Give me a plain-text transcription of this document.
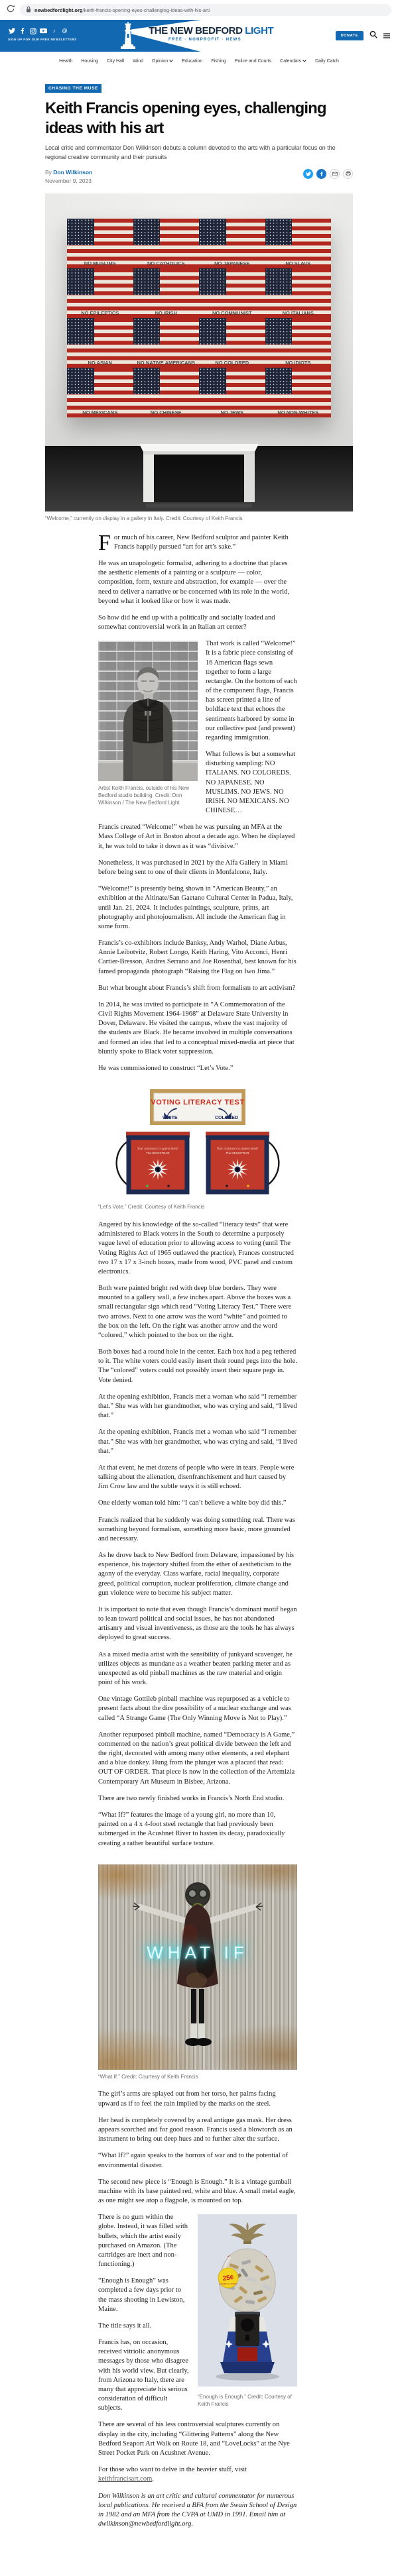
newbedfordlight.org/keith-francis-opening-eyes-challenging-ideas-with-his-art/
THE NEW BEDFORD LIGHT
FREE · NONPROFIT · NEWS
♪	@
SIGN UP FOR OUR FREE NEWSLETTERS
DONATE
Health Housing City Hall Wind Opinion	Education Fishing Police and Courts Calendars	Daily Catch
CHASING THE MUSE
Keith Francis opening eyes, challenging ideas with his art
Local critic and commentator Don Wilkinson debuts a column devoted to the arts with a particular focus on the regional creative community and their pursuits
By Don Wilkinson
November 9, 2023
NO MUSLIMS	NO CATHOLICS	NO JAPANESE	NO SLAVS
NO EPILEPTICS	NO IRISH	NO COMMUNIST	NO ITALIANS
NO ASIAN	NO NATIVE AMERICANS	NO COLORED	NO IDIOTS
NO MEXICANS	NO CHINESE	NO JEWS	NO NON-WHITES
“Welcome,” currently on display in a gallery in Italy. Credit: Courtesy of Keith Francis

For much of his career, New Bedford sculptor and painter Keith Francis happily pursued “art for art’s sake.”

He was an unapologetic formalist, adhering to a doctrine that places the aesthetic elements of a painting or a sculpture — color, composition, form, texture and abstraction, for example — over the need to deliver a narrative or be concerned with its role in the world, beyond what it looked like or how it was made.

So how did he end up with a politically and socially loaded and somewhat controversial work in an Italian art center?

Artist Keith Francis, outside of his New Bedford studio building. Credit: Don Wilkinson / The New Bedford Light

That work is called “Welcome!” It is a fabric piece consisting of 16 American flags sewn together to form a large rectangle. On the bottom of each of the component flags, Francis has screen printed a line of boldface text that echoes the sentiments harbored by some in our collective past (and present) regarding immigration.

What follows is but a somewhat disturbing sampling: NO ITALIANS. NO COLOREDS. NO JAPANESE. NO MUSLIMS. NO JEWS. NO IRISH. NO MEXICANS. NO CHINESE…

Francis created “Welcome!” when he was pursuing an MFA at the Mass College of Art in Boston about a decade ago. When he displayed it, he was told to take it down as it was “divisive.”

Nonetheless, it was purchased in 2021 by the Alfa Gallery in Miami before being sent to one of their clients in Monfalcone, Italy.

“Welcome!” is presently being shown in “American Beauty,” an exhibition at the Altinate/San Gaetano Cultural Center in Padua, Italy, until Jan. 21, 2024. It includes paintings, sculpture, prints, art photography and photojournalism. All include the American flag in some form.

Francis’s co-exhibitors include Banksy, Andy Warhol, Diane Arbus, Annie Leibotvitz, Robert Longo, Keith Haring, Vito Acconci, Henri Cartier-Bresson, Andres Serrano and Joe Rosenthal, best known for his famed propaganda photograph “Raising the Flag on Iwo Jima.”

But what brought about Francis’s shift from formalism to art activism?

In 2014, he was invited to participate in “A Commemoration of the Civil Rights Movement 1964-1968” at Delaware State University in Dover, Delaware. He visited the campus, where the vast majority of the students are Black. He became involved in multiple conversations and formed an idea that led to a conceptual mixed-media art piece that bluntly spoke to Black voter suppression.

He was commissioned to construct “Let’s Vote.”

VOTING LITERACY TEST
WHITE	COLORED
Your assistance is appreciated!
The REGISTRAR
Your assistance is appreciated!
The REGISTRAR
“Let’s Vote.” Credit: Courtesy of Keith Francis

Angered by his knowledge of the so-called “literacy tests” that were administered to Black voters in the South to determine a purposely vague level of education prior to allowing access to voting (until The Voting Rights Act of 1965 outlawed the practice), Frances constructed two 17 x 17 x 3-inch boxes, made from wood, PVC panel and custom electronics.

Both were painted bright red with deep blue borders. They were mounted to a gallery wall, a few inches apart. Above the boxes was a small rectangular sign which read “Voting Literacy Test.” There were two arrows. Next to one arrow was the word “white” and pointed to the box on the left. On the right was another arrow and the word “colored,” which pointed to the box on the right.

Both boxes had a round hole in the center. Each box had a peg tethered to it. The white voters could easily insert their round pegs into the hole. The “colored” voters could not possibly insert their square pegs in. Vote denied.

At the opening exhibition, Francis met a woman who said “I remember that.” She was with her grandmother, who was crying and said, “I lived that.”

At the opening exhibition, Francis met a woman who said “I remember that.” She was with her grandmother, who was crying and said, “I lived that.”

At that event, he met dozens of people who were in tears. People were talking about the alienation, disenfranchisement and hurt caused by Jim Crow law and the subtle ways it is still echoed.

One elderly woman told him: “I can’t believe a white boy did this.”

Francis realized that he suddenly was doing something real. There was something beyond formalism, something more basic, more grounded and necessary.

As he drove back to New Bedford from Delaware, impassioned by his experience, his trajectory shifted from the ether of aestheticism to the agony of the everyday. Class warfare, racial inequality, corporate greed, political corruption, nuclear proliferation, climate change and gun violence were to become his subject matter.

It is important to note that even though Francis’s dominant motif began to lean toward political and social issues, he has not abandoned artisanry and visual inventiveness, as those are the tools he has always deployed to great success.

As a mixed media artist with the sensibility of junkyard scavenger, he utilizes objects as mundane as a weather beaten parking meter and as unexpected as old pinball machines as the raw material and origin point of his work.

One vintage Gottileb pinball machine was repurposed as a vehicle to present facts about the dire possibility of a nuclear exchange and was called “A Strange Game (The Only Winning Move is Not to Play).”

Another repurposed pinball machine, named “Democracy is A Game,” commented on the nation’s great political divide between the left and the right, decorated with among many other elements, a red elephant and a blue donkey. Hung from the plunger was a placard that read: OUT OF ORDER. That piece is now in the collection of the Artemizia Contemporary Art Museum in Bisbee, Arizona.

There are two newly finished works in Francis’s North End studio.

“What If?” features the image of a young girl, no more than 10, painted on a 4 x 4-foot steel rectangle that had previously been submerged in the Acushnet River to hasten its decay, paradoxically creating a rather beautiful surface texture.

WHAT IF
“What If.” Credit: Courtesy of Keith Francis

The girl’s arms are splayed out from her torso, her palms facing upward as if to feel the rain implied by the marks on the steel.

Her head is completely covered by a real antique gas mask. Her dress appears scorched and for good reason. Francis used a blowtorch as an instrument to bring out deep hues and to further alter the surface.

“What If?” again speaks to the horrors of war and to the potential of environmental disaster.

The second new piece is “Enough is Enough.” It is a vintage gumball machine with its base painted red, white and blue. A small metal eagle, as one might see atop a flagpole, is mounted on top.

25¢
WHERE ALLOWED
“Enough is Enough.” Credit: Courtesy of Keith Francis

There is no gum within the globe. Instead, it was filled with bullets, which the artist easily purchased on Amazon. (The cartridges are inert and non-functioning.)

“Enough is Enough” was completed a few days prior to the mass shooting in Lewiston, Maine.

The title says it all.

Francis has, on occasion, received vitriolic anonymous messages by those who disagree with his world view. But clearly, from Arizona to Italy, there are many that appreciate his serious consideration of difficult subjects.

There are several of his less controversial sculptures currently on display in the city, including “Glittering Patterns” along the New Bedford Seaport Art Walk on Route 18, and “LoveLocks” at the Nye Street Pocket Park on Acushnet Avenue.

For those who want to delve in the heavier stuff, visit keithfrancisart.com.

Don Wilkinson is an art critic and cultural commentator for numerous local publications. He received a BFA from the Swain School of Design in 1982 and an MFA from the CVPA at UMD in 1991. Email him at dwilkinson@newbedfordlight.org.
